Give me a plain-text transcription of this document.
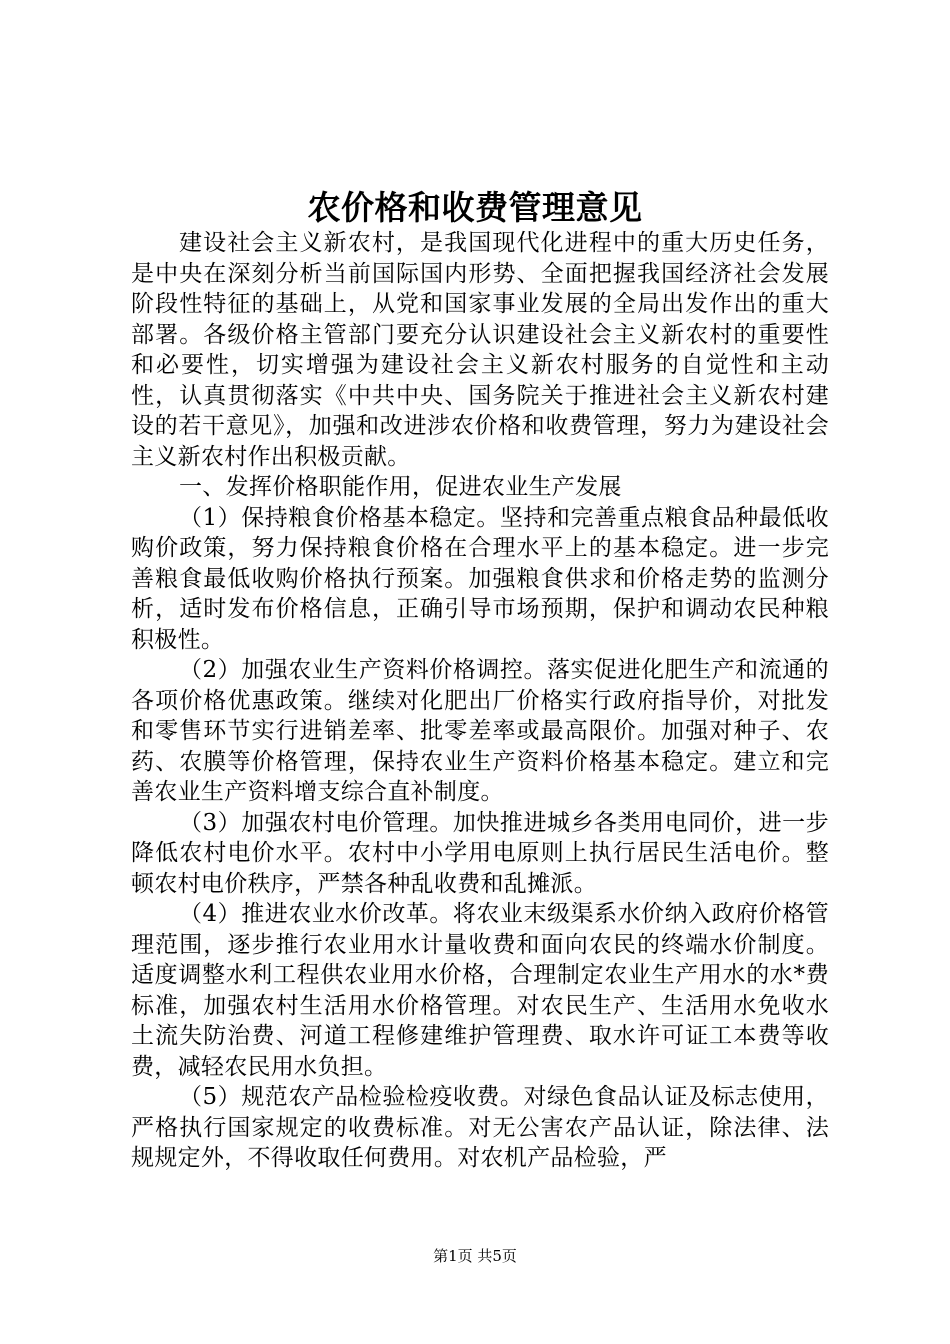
农价格和收费管理意见

建设社会主义新农村，是我国现代化进程中的重大历史任务，是中央在深刻分析当前国际国内形势、全面把握我国经济社会发展阶段性特征的基础上，从党和国家事业发展的全局出发作出的重大部署。各级价格主管部门要充分认识建设社会主义新农村的重要性和必要性，切实增强为建设社会主义新农村服务的自觉性和主动性，认真贯彻落实《中共中央、国务院关于推进社会主义新农村建设的若干意见》，加强和改进涉农价格和收费管理，努力为建设社会主义新农村作出积极贡献。

一、发挥价格职能作用，促进农业生产发展

（1）保持粮食价格基本稳定。坚持和完善重点粮食品种最低收购价政策，努力保持粮食价格在合理水平上的基本稳定。进一步完善粮食最低收购价格执行预案。加强粮食供求和价格走势的监测分析，适时发布价格信息，正确引导市场预期，保护和调动农民种粮积极性。

（2）加强农业生产资料价格调控。落实促进化肥生产和流通的各项价格优惠政策。继续对化肥出厂价格实行政府指导价，对批发和零售环节实行进销差率、批零差率或最高限价。加强对种子、农药、农膜等价格管理，保持农业生产资料价格基本稳定。建立和完善农业生产资料增支综合直补制度。

（3）加强农村电价管理。加快推进城乡各类用电同价，进一步降低农村电价水平。农村中小学用电原则上执行居民生活电价。整顿农村电价秩序，严禁各种乱收费和乱摊派。

（4）推进农业水价改革。将农业末级渠系水价纳入政府价格管理范围，逐步推行农业用水计量收费和面向农民的终端水价制度。适度调整水利工程供农业用水价格，合理制定农业生产用水的水*费标准，加强农村生活用水价格管理。对农民生产、生活用水免收水土流失防治费、河道工程修建维护管理费、取水许可证工本费等收费，减轻农民用水负担。

（5）规范农产品检验检疫收费。对绿色食品认证及标志使用，严格执行国家规定的收费标准。对无公害农产品认证，除法律、法规规定外，不得收取任何费用。对农机产品检验，严

第1页 共5页
